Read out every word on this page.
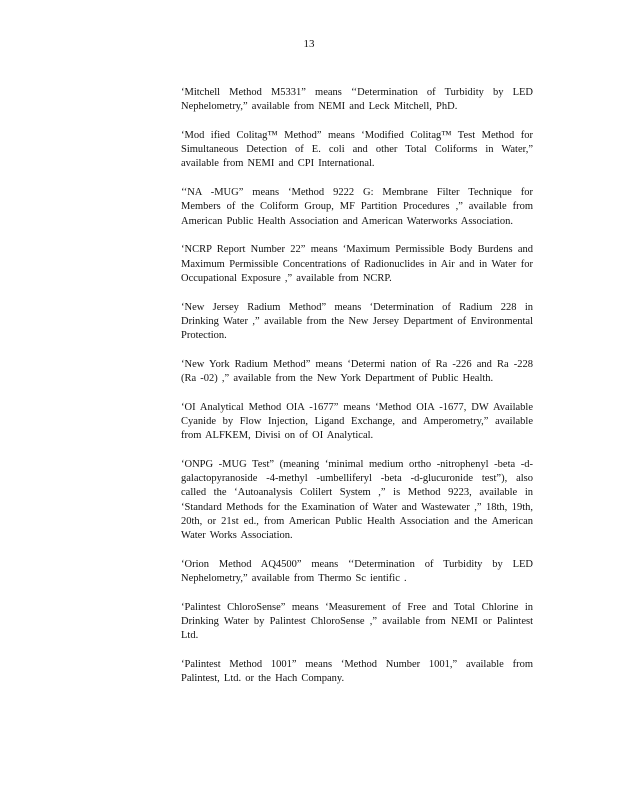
13

‘Mitchell Method M5331” means ‘‘Determination of Turbidity by LED Nephelometry,” available from NEMI and Leck Mitchell, PhD.

‘Mod ified Colitag™ Method” means ‘Modified Colitag™ Test Method for Simultaneous Detection of E. coli and other Total Coliforms in Water,” available from NEMI and CPI International.

‘‘NA -MUG” means ‘Method 9222 G: Membrane Filter Technique for Members of the Coliform Group, MF Partition Procedures ,” available from American Public Health Association and American Waterworks Association.

‘NCRP Report Number 22” means ‘Maximum Permissible Body Burdens and Maximum Permissible Concentrations of Radionuclides in Air and in Water for Occupational Exposure ,” available from NCRP.

‘New Jersey Radium Method” means ‘Determination of Radium 228 in Drinking Water ,” available from the New Jersey Department of Environmental Protection.

‘New York Radium Method” means ‘Determi nation of Ra -226 and Ra -228 (Ra -02) ,” available from the New York Department of Public Health.

‘OI Analytical Method OIA -1677” means ‘Method OIA -1677, DW Available Cyanide by Flow Injection, Ligand Exchange, and Amperometry,” available from ALFKEM, Divisi on of OI Analytical.

‘ONPG -MUG Test” (meaning ‘minimal medium ortho -nitrophenyl -beta -d-galactopyranoside -4-methyl -umbelliferyl -beta -d-glucuronide test”), also called the ‘Autoanalysis Colilert System ,” is Method 9223, available in ‘Standard Methods for the Examination of Water and Wastewater ,” 18th, 19th, 20th, or 21st ed., from American Public Health Association and the American Water Works Association.

‘Orion Method AQ4500” means ‘‘Determination of Turbidity by LED Nephelometry,” available from Thermo Sc ientific .

‘Palintest ChloroSense” means ‘Measurement of Free and Total Chlorine in Drinking Water by Palintest ChloroSense ,” available from NEMI or Palintest Ltd.

‘Palintest Method 1001” means ‘Method Number 1001,” available from Palintest, Ltd. or the Hach Company.
